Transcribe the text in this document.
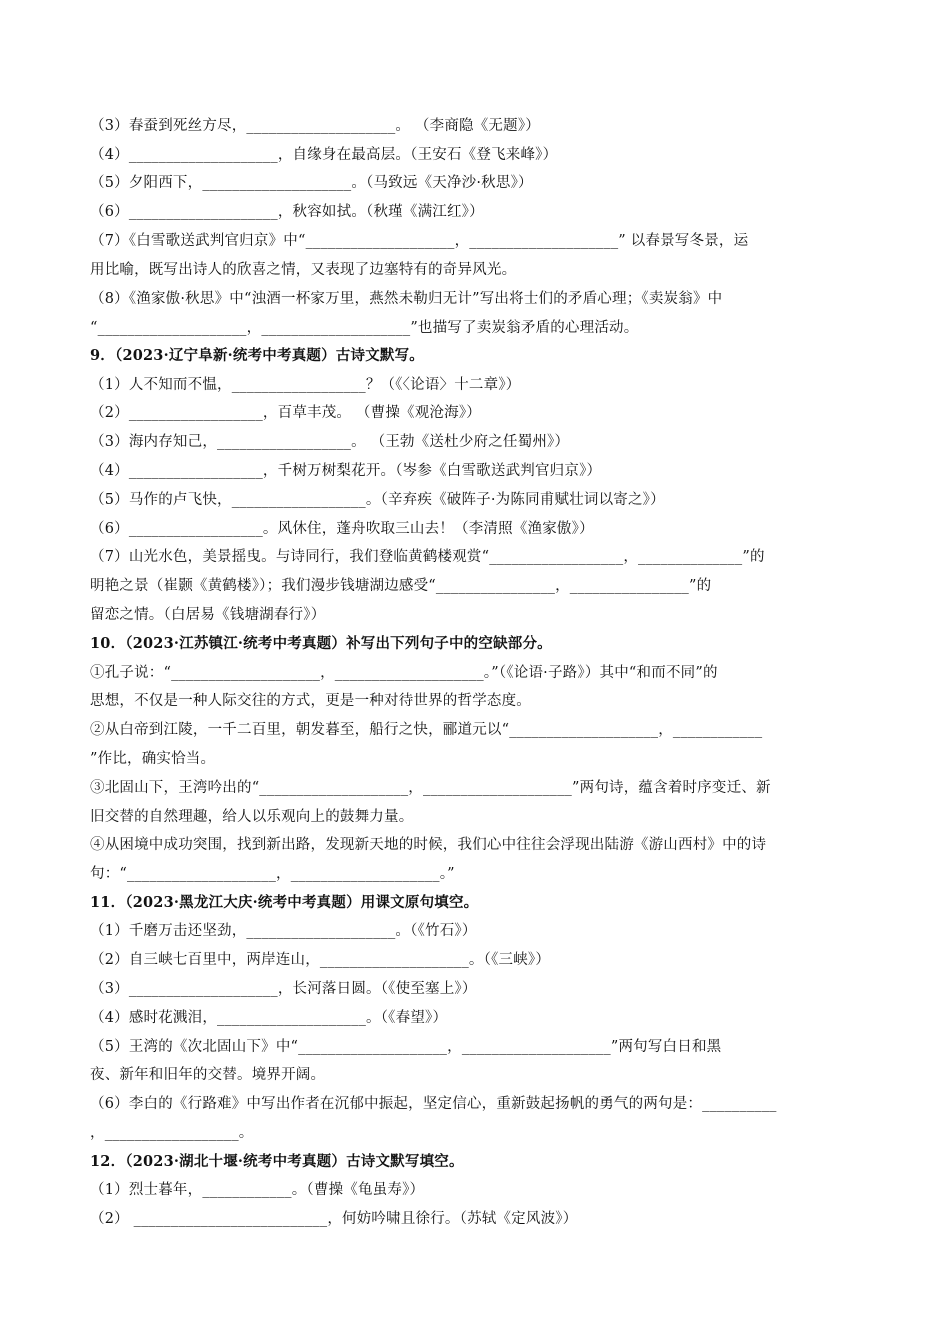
（3）春蚕到死丝方尽，____________________。 （李商隐《无题》）
（4）____________________，自缘身在最高层。（王安石《登飞来峰》）
（5）夕阳西下，____________________。（马致远《天净沙·秋思》）
（6）____________________，秋容如拭。（秋瑾《满江红》）
（7）《白雪歌送武判官归京》中“____________________，____________________” 以春景写冬景，运
用比喻，既写出诗人的欣喜之情，又表现了边塞特有的奇异风光。
（8）《渔家傲·秋思》中“浊酒一杯家万里，燕然未勒归无计”写出将士们的矛盾心理；《卖炭翁》中
“____________________，____________________”也描写了卖炭翁矛盾的心理活动。
9．（2023·辽宁阜新·统考中考真题）古诗文默写。
（1）人不知而不愠，__________________？（《〈论语〉十二章》）
（2）__________________，百草丰茂。 （曹操《观沧海》）
（3）海内存知己，__________________。 （王勃《送杜少府之任蜀州》）
（4）__________________，千树万树梨花开。（岑参《白雪歌送武判官归京》）
（5）马作的卢飞快，__________________。（辛弃疾《破阵子·为陈同甫赋壮词以寄之》）
（6）__________________。风休住，蓬舟吹取三山去！（李清照《渔家傲》）
（7）山光水色，美景摇曳。与诗同行，我们登临黄鹤楼观赏“__________________，______________”的
明艳之景（崔颢《黄鹤楼》）；我们漫步钱塘湖边感受“________________，________________”的
留恋之情。（白居易《钱塘湖春行》）
10．（2023·江苏镇江·统考中考真题）补写出下列句子中的空缺部分。
①孔子说：“____________________，____________________。”（《论语·子路》）其中“和而不同”的
思想，不仅是一种人际交往的方式，更是一种对待世界的哲学态度。
②从白帝到江陵，一千二百里，朝发暮至，船行之快，郦道元以“____________________，____________
”作比，确实恰当。
③北固山下，王湾吟出的“____________________，____________________”两句诗，蕴含着时序变迁、新
旧交替的自然理趣，给人以乐观向上的鼓舞力量。
④从困境中成功突围，找到新出路，发现新天地的时候，我们心中往往会浮现出陆游《游山西村》中的诗
句：“____________________，____________________。”
11．（2023·黑龙江大庆·统考中考真题）用课文原句填空。
（1）千磨万击还坚劲，____________________。（《竹石》）
（2）自三峡七百里中，两岸连山，____________________。（《三峡》）
（3）____________________，长河落日圆。（《使至塞上》）
（4）感时花溅泪，____________________。（《春望》）
（5）王湾的《次北固山下》中“____________________，____________________”两句写白日和黑
夜、新年和旧年的交替。境界开阔。
（6）李白的《行路难》中写出作者在沉郁中振起，坚定信心，重新鼓起扬帆的勇气的两句是：__________
，__________________。
12．（2023·湖北十堰·统考中考真题）古诗文默写填空。
（1）烈士暮年，____________。（曹操《龟虽寿》）
（2） __________________________，何妨吟啸且徐行。（苏轼《定风波》）
